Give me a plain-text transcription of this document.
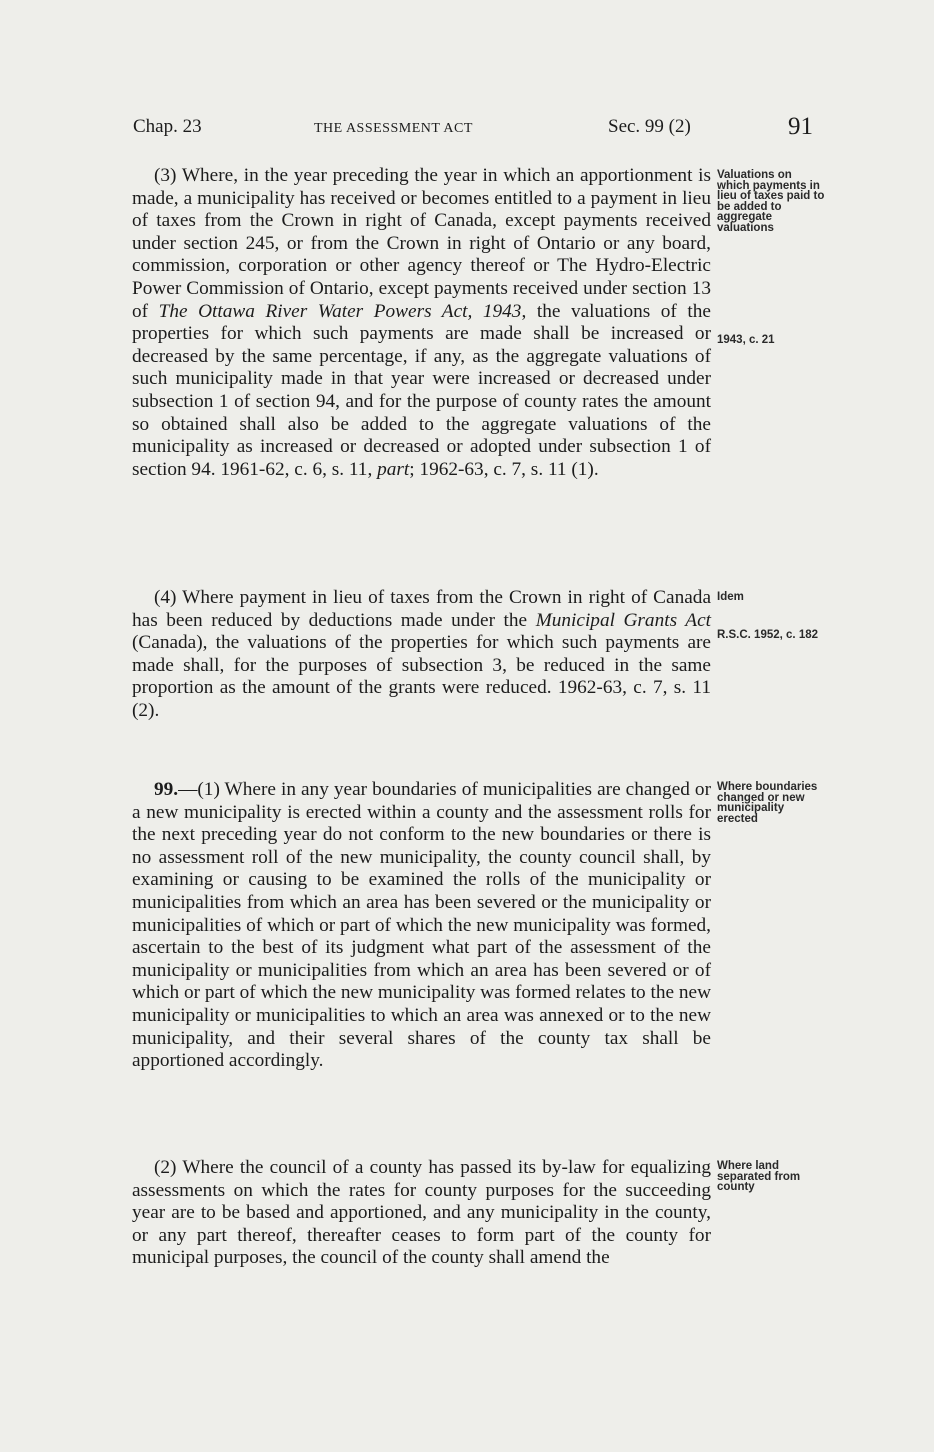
Chap. 23	THE ASSESSMENT ACT	Sec. 99 (2)	91
(3) Where, in the year preceding the year in which an apportionment is made, a municipality has received or becomes entitled to a payment in lieu of taxes from the Crown in right of Canada, except payments received under section 245, or from the Crown in right of Ontario or any board, commission, corporation or other agency thereof or The Hydro-Electric Power Commission of Ontario, except payments received under section 13 of The Ottawa River Water Powers Act, 1943, the valuations of the properties for which such payments are made shall be increased or decreased by the same percentage, if any, as the aggregate valuations of such municipality made in that year were increased or decreased under subsection 1 of section 94, and for the purpose of county rates the amount so obtained shall also be added to the aggregate valuations of the municipality as increased or decreased or adopted under subsection 1 of section 94. 1961-62, c. 6, s. 11, part; 1962-63, c. 7, s. 11 (1).
(4) Where payment in lieu of taxes from the Crown in right of Canada has been reduced by deductions made under the Municipal Grants Act (Canada), the valuations of the properties for which such payments are made shall, for the purposes of subsection 3, be reduced in the same proportion as the amount of the grants were reduced. 1962-63, c. 7, s. 11 (2).
99.—(1) Where in any year boundaries of municipalities are changed or a new municipality is erected within a county and the assessment rolls for the next preceding year do not conform to the new boundaries or there is no assessment roll of the new municipality, the county council shall, by examining or causing to be examined the rolls of the municipality or municipalities from which an area has been severed or the municipality or municipalities of which or part of which the new municipality was formed, ascertain to the best of its judgment what part of the assessment of the municipality or municipalities from which an area has been severed or of which or part of which the new municipality was formed relates to the new municipality or municipalities to which an area was annexed or to the new municipality, and their several shares of the county tax shall be apportioned accordingly.
(2) Where the council of a county has passed its by-law for equalizing assessments on which the rates for county purposes for the succeeding year are to be based and apportioned, and any municipality in the county, or any part thereof, thereafter ceases to form part of the county for municipal purposes, the council of the county shall amend the
Valuations on which payments in lieu of taxes paid to be added to aggregate valuations
1943, c. 21
Idem
R.S.C. 1952, c. 182
Where boundaries changed or new municipality erected
Where land separated from county
